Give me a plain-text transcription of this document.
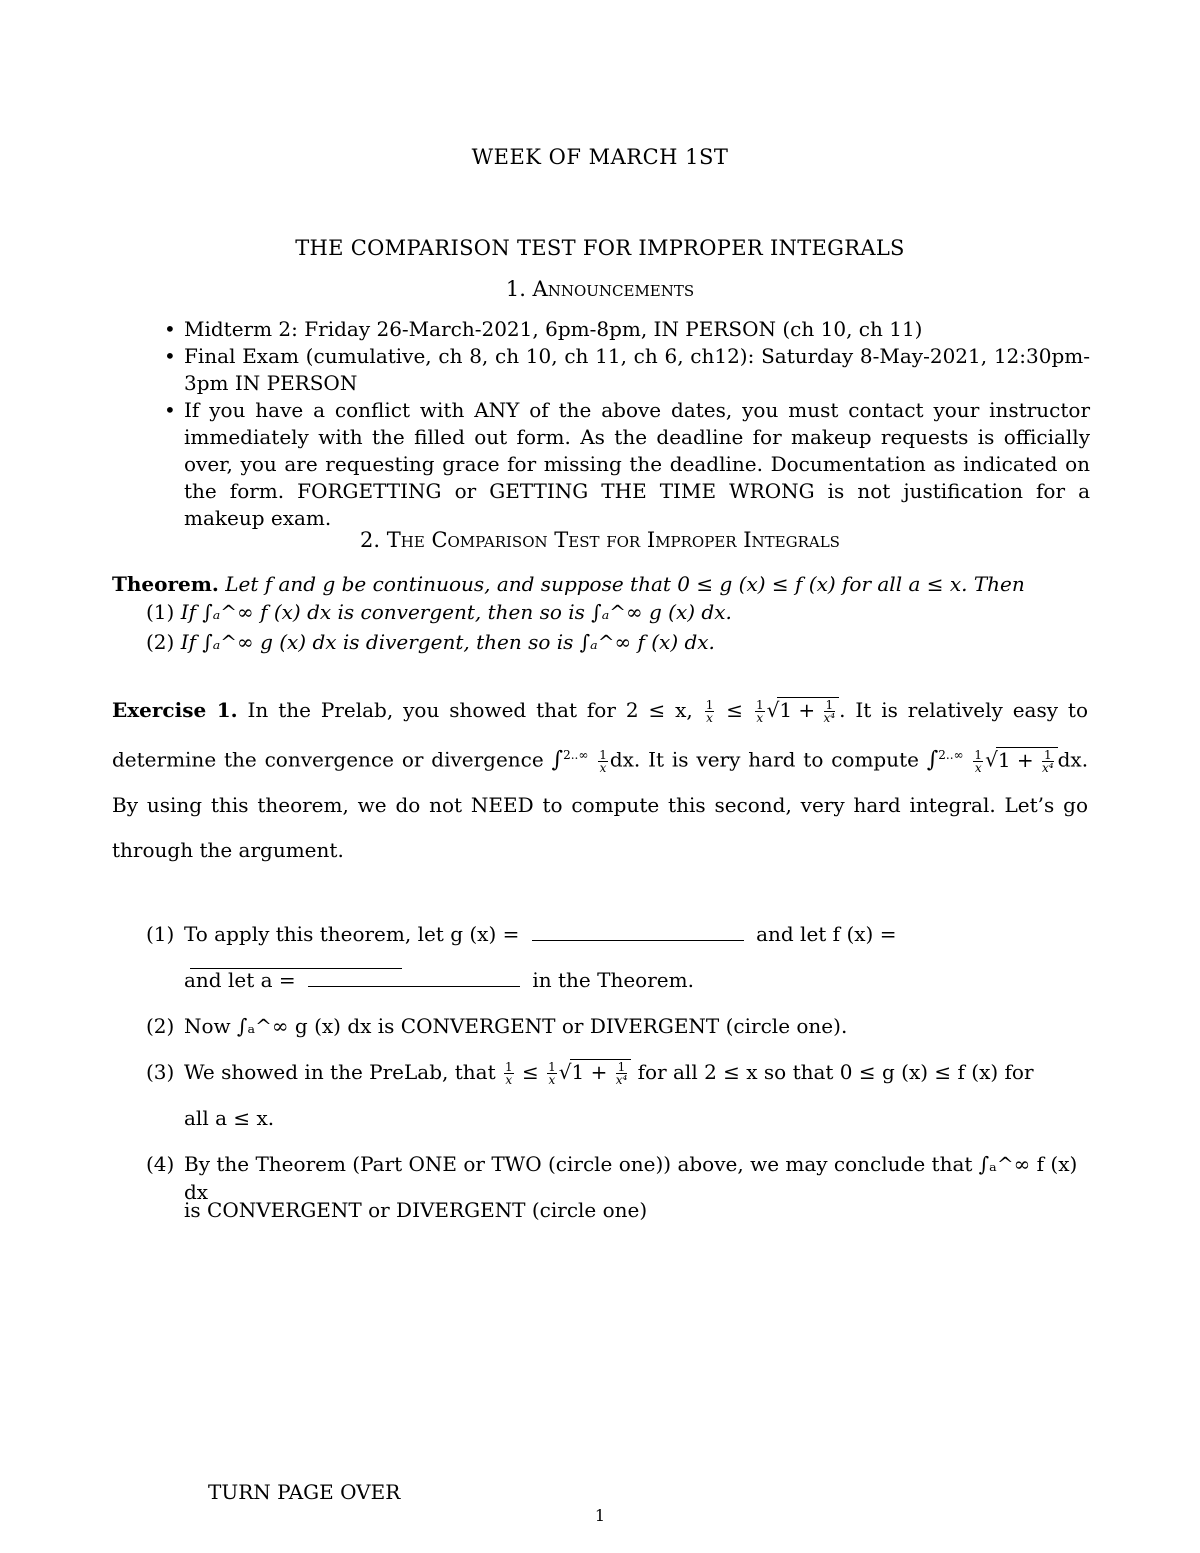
WEEK OF MARCH 1ST
THE COMPARISON TEST FOR IMPROPER INTEGRALS
1. Announcements
• Midterm 2: Friday 26-March-2021, 6pm-8pm, IN PERSON (ch 10, ch 11)
• Final Exam (cumulative, ch 8, ch 10, ch 11, ch 6, ch12): Saturday 8-May-2021, 12:30pm-3pm IN PERSON
• If you have a conflict with ANY of the above dates, you must contact your instructor immediately with the filled out form. As the deadline for makeup requests is officially over, you are requesting grace for missing the deadline. Documentation as indicated on the form. FORGETTING or GETTING THE TIME WRONG is not justification for a makeup exam.
2. The Comparison Test for Improper Integrals
Theorem. Let f and g be continuous, and suppose that 0 ≤ g (x) ≤ f (x) for all a ≤ x. Then
(1) If ∫ₐ^∞ f (x) dx is convergent, then so is ∫ₐ^∞ g (x) dx.
(2) If ∫ₐ^∞ g (x) dx is divergent, then so is ∫ₐ^∞ f (x) dx.
Exercise 1. In the Prelab, you showed that for 2 ≤ x, $\frac{1}{x} \le \frac{1}{x} √1 + \frac{1}{\text{x⁴}}$ . It is relatively easy to determine the convergence or divergence $\int^{2..\infty} \frac{1}{x}$ dx. It is very hard to compute $\int^{2..\infty} \frac{1}{x} √1 + \frac{1}{\text{x⁴}}$ dx. By using this theorem, we do not NEED to compute this second, very hard integral. Let’s go through the argument.
(1) To apply this theorem, let g (x) =	and let f (x) =
and let a =	in the Theorem.
(2) Now ∫ₐ^∞ g (x) dx is CONVERGENT or DIVERGENT (circle one).
(3) We showed in the PreLab, that $\frac{1}{x} \le \frac{1}{x} √1 + \frac{1}{\text{x⁴}}$ for all 2 ≤ x so that 0 ≤ g (x) ≤ f (x) for
all a ≤ x.
(4) By the Theorem (Part ONE or TWO (circle one)) above, we may conclude that ∫ₐ^∞ f (x) dx
is CONVERGENT or DIVERGENT (circle one)
TURN PAGE OVER
1
